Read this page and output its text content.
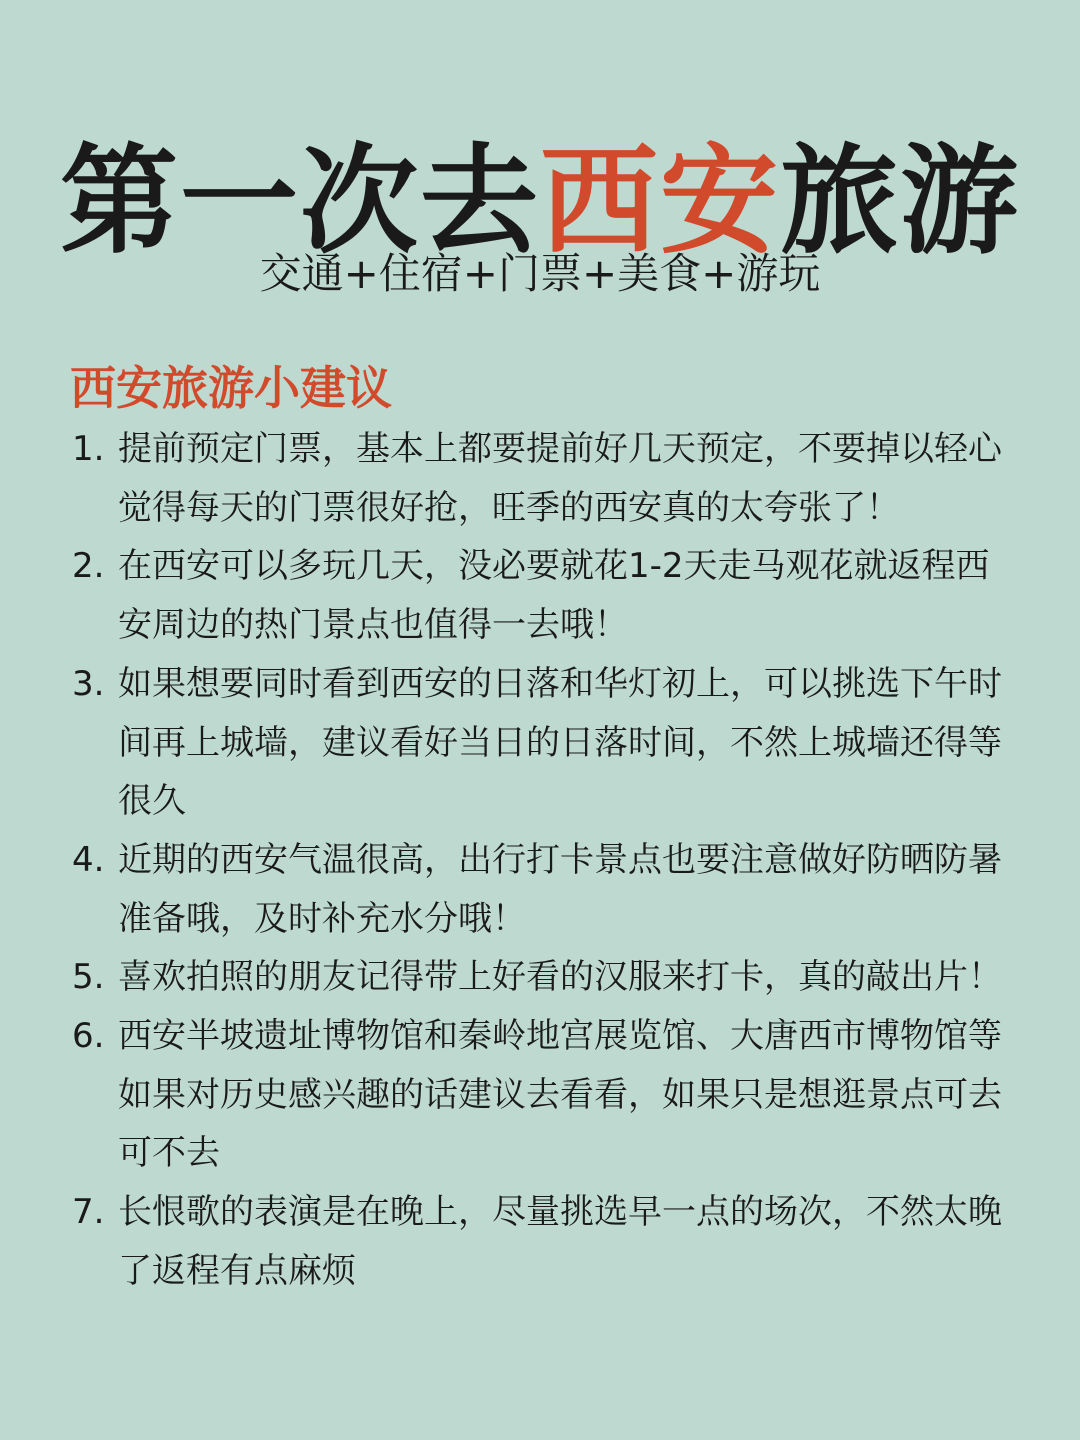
第一次去西安旅游
交通+住宿+门票+美食+游玩
西安旅游小建议
1. 提前预定门票，基本上都要提前好几天预定，不要掉以轻心觉得每天的门票很好抢，旺季的西安真的太夸张了！
2. 在西安可以多玩几天，没必要就花1-2天走马观花就返程西安周边的热门景点也值得一去哦！
3. 如果想要同时看到西安的日落和华灯初上，可以挑选下午时间再上城墙，建议看好当日的日落时间，不然上城墙还得等很久
4. 近期的西安气温很高，出行打卡景点也要注意做好防晒防暑准备哦，及时补充水分哦！
5. 喜欢拍照的朋友记得带上好看的汉服来打卡，真的敲出片！
6. 西安半坡遗址博物馆和秦岭地宫展览馆、大唐西市博物馆等如果对历史感兴趣的话建议去看看，如果只是想逛景点可去可不去
7. 长恨歌的表演是在晚上，尽量挑选早一点的场次，不然太晚了返程有点麻烦
